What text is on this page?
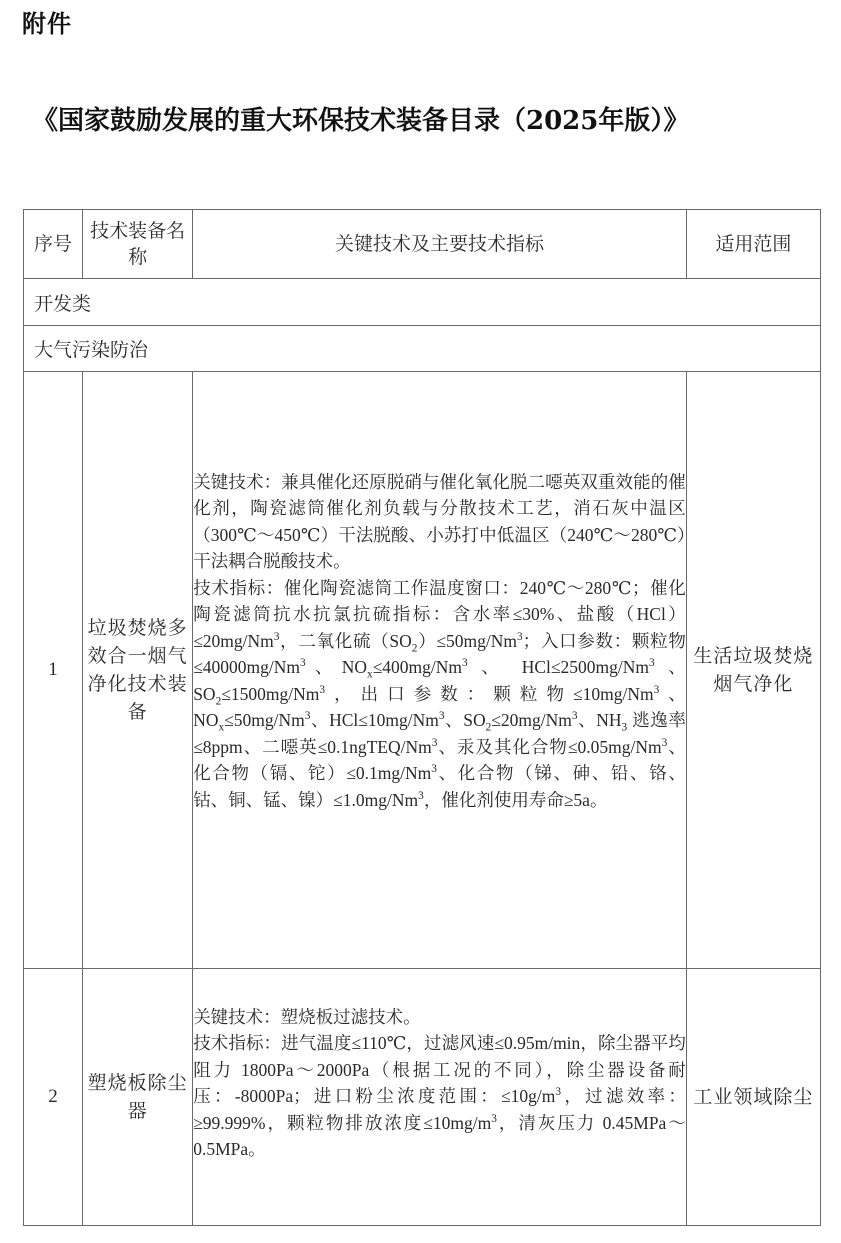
附件
《国家鼓励发展的重大环保技术装备目录（2025年版）》
序号	技术装备名称	关键技术及主要技术指标	适用范围
开发类			
大气污染防治			
1	垃圾焚烧多效合一烟气净化技术装备	关键技术：兼具催化还原脱硝与催化氧化脱二噁英双重效能的催化剂，陶瓷滤筒催化剂负载与分散技术工艺，消石灰中温区（300℃～450℃）干法脱酸、小苏打中低温区（240℃～280℃）干法耦合脱酸技术。

技术指标：催化陶瓷滤筒工作温度窗口：240℃～280℃；催化陶瓷滤筒抗水抗氯抗硫指标：含水率≤30%、盐酸$(HCl)\le 20mg/Nm^3$，二氧化硫$(SO_2)\le 50mg/Nm^3$；入口参数：颗粒物$\le 40000mg/Nm^3$、$NO_x\le 400mg/Nm^3$ 、 $HCl\le 2500mg/Nm^3$ 、 $SO_2\le 1500mg/Nm^3$，出口参数：颗粒物$\le 10mg/Nm^3$、$NO_x\le 50mg/Nm^3$、$HCl\le 10mg/Nm^3$、$SO_2\le 20mg/Nm^3$、$NH_3$ 逃逸率≤8ppm、二噁英$\le 0.1ngTEQ/Nm^3$、汞及其化合物$\le 0.05mg/Nm^3$、化合物（镉、铊）$\le 0.1mg/Nm^3$、化合物（锑、砷、铅、铬、钴、铜、锰、镍）$\le 1.0mg/Nm^3$，催化剂使用寿命≥5a。	生活垃圾焚烧烟气净化
2	塑烧板除尘器	关键技术：塑烧板过滤技术。

技术指标：进气温度≤110℃，过滤风速≤0.95m/min，除尘器平均阻力 1800Pa～2000Pa（根据工况的不同），除尘器设备耐压：-8000Pa；进口粉尘浓度范围：$\le 10g/m^3$，过滤效率：≥99.999%，颗粒物排放浓度$\le 10mg/m^3$，清灰压力 0.45MPa～0.5MPa。	工业领域除尘
